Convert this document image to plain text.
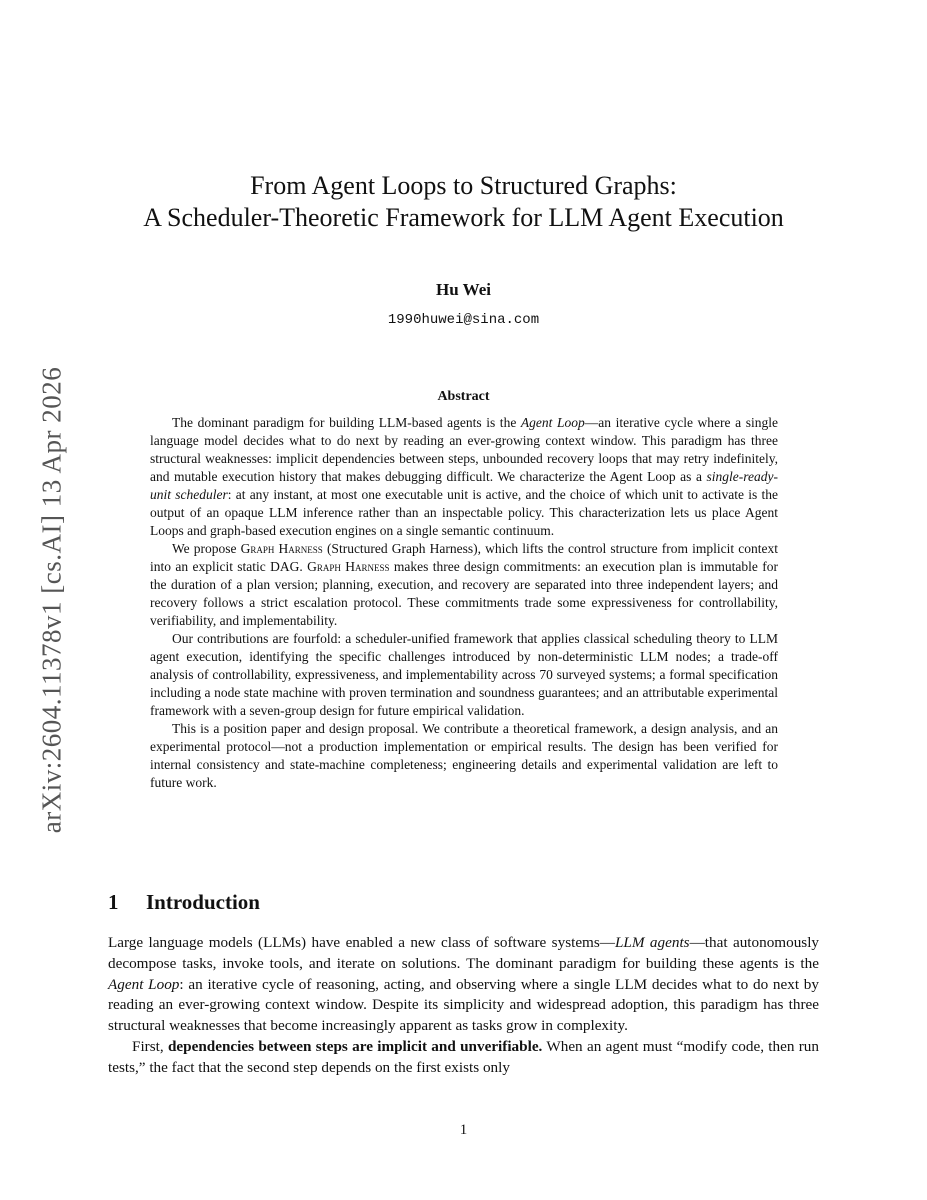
arXiv:2604.11378v1 [cs.AI] 13 Apr 2026
From Agent Loops to Structured Graphs:
A Scheduler-Theoretic Framework for LLM Agent Execution
Hu Wei
1990huwei@sina.com
Abstract

The dominant paradigm for building LLM-based agents is the Agent Loop—an iterative cycle where a single language model decides what to do next by reading an ever-growing context window. This paradigm has three structural weaknesses: implicit dependencies between steps, unbounded recovery loops that may retry indefinitely, and mutable execution history that makes debugging difficult. We characterize the Agent Loop as a single-ready-unit scheduler: at any instant, at most one executable unit is active, and the choice of which unit to activate is the output of an opaque LLM inference rather than an inspectable policy. This characterization lets us place Agent Loops and graph-based execution engines on a single semantic continuum.

We propose Graph Harness (Structured Graph Harness), which lifts the control structure from implicit context into an explicit static DAG. Graph Harness makes three design commitments: an execution plan is immutable for the duration of a plan version; planning, execution, and recovery are separated into three independent layers; and recovery follows a strict escalation protocol. These commitments trade some expressiveness for controllability, verifiability, and implementability.

Our contributions are fourfold: a scheduler-unified framework that applies classical scheduling theory to LLM agent execution, identifying the specific challenges introduced by non-deterministic LLM nodes; a trade-off analysis of controllability, expressiveness, and implementability across 70 surveyed systems; a formal specification including a node state machine with proven termination and soundness guarantees; and an attributable experimental framework with a seven-group design for future empirical validation.

This is a position paper and design proposal. We contribute a theoretical framework, a design analysis, and an experimental protocol—not a production implementation or empirical results. The design has been verified for internal consistency and state-machine completeness; engineering details and experimental validation are left to future work.

1 Introduction

Large language models (LLMs) have enabled a new class of software systems—LLM agents—that autonomously decompose tasks, invoke tools, and iterate on solutions. The dominant paradigm for building these agents is the Agent Loop: an iterative cycle of reasoning, acting, and observing where a single LLM decides what to do next by reading an ever-growing context window. Despite its simplicity and widespread adoption, this paradigm has three structural weaknesses that become increasingly apparent as tasks grow in complexity.

First, dependencies between steps are implicit and unverifiable. When an agent must “modify code, then run tests,” the fact that the second step depends on the first exists only

1
